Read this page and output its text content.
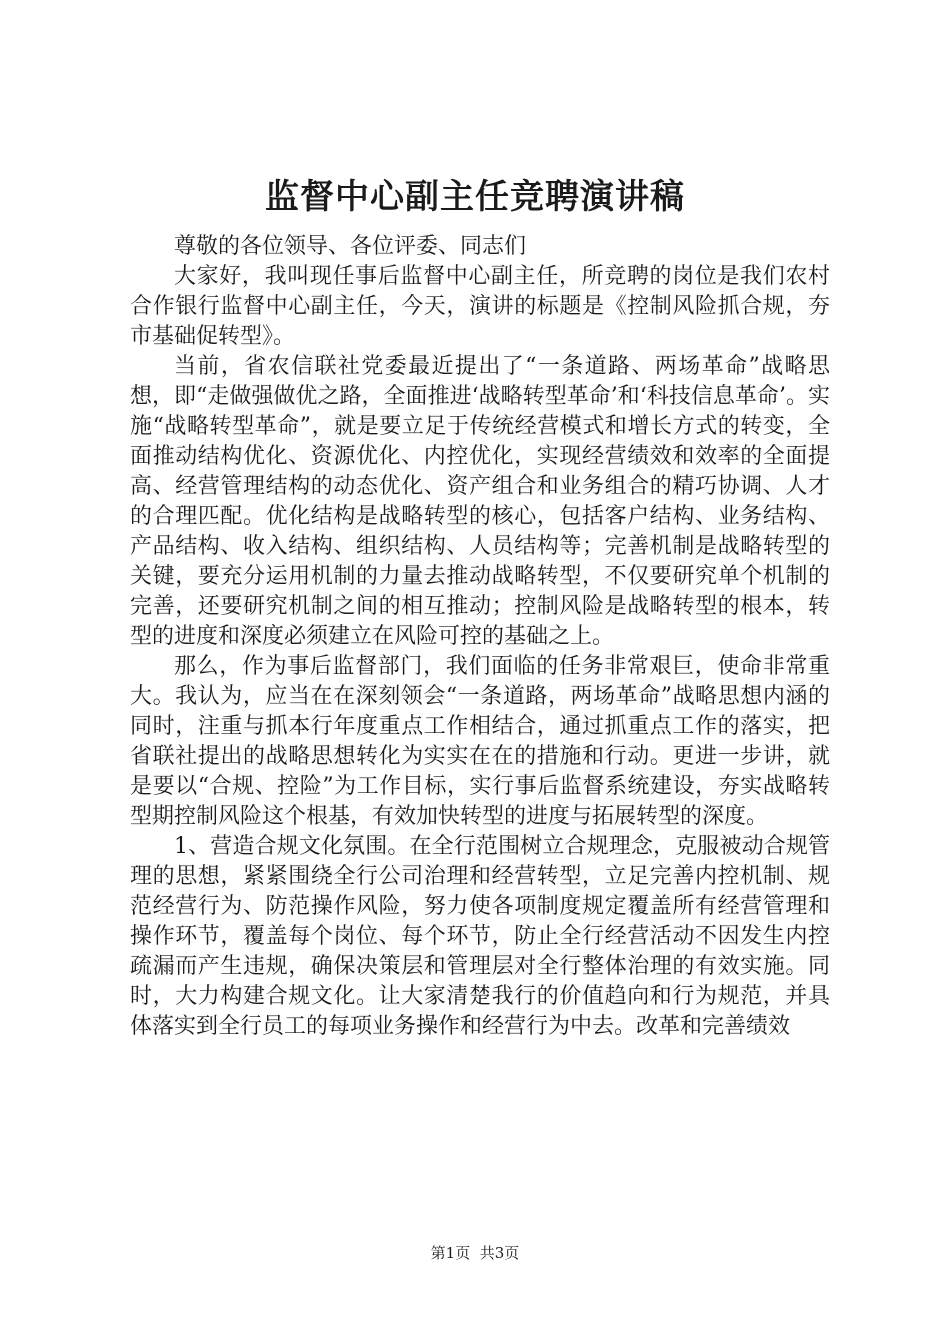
监督中心副主任竞聘演讲稿

尊敬的各位领导、各位评委、同志们

大家好，我叫现任事后监督中心副主任，所竞聘的岗位是我们农村合作银行监督中心副主任，今天，演讲的标题是《控制风险抓合规，夯市基础促转型》。

当前，省农信联社党委最近提出了“一条道路、两场革命”战略思想，即“走做强做优之路，全面推进‘战略转型革命’和‘科技信息革命’。实施“战略转型革命”，就是要立足于传统经营模式和增长方式的转变，全面推动结构优化、资源优化、内控优化，实现经营绩效和效率的全面提高、经营管理结构的动态优化、资产组合和业务组合的精巧协调、人才的合理匹配。优化结构是战略转型的核心，包括客户结构、业务结构、产品结构、收入结构、组织结构、人员结构等；完善机制是战略转型的关键，要充分运用机制的力量去推动战略转型，不仅要研究单个机制的完善，还要研究机制之间的相互推动；控制风险是战略转型的根本，转型的进度和深度必须建立在风险可控的基础之上。

那么，作为事后监督部门，我们面临的任务非常艰巨，使命非常重大。我认为，应当在在深刻领会“一条道路，两场革命”战略思想内涵的同时，注重与抓本行年度重点工作相结合，通过抓重点工作的落实，把省联社提出的战略思想转化为实实在在的措施和行动。更进一步讲，就是要以“合规、控险”为工作目标，实行事后监督系统建设，夯实战略转型期控制风险这个根基，有效加快转型的进度与拓展转型的深度。

1、营造合规文化氛围。在全行范围树立合规理念，克服被动合规管理的思想，紧紧围绕全行公司治理和经营转型，立足完善内控机制、规范经营行为、防范操作风险，努力使各项制度规定覆盖所有经营管理和操作环节，覆盖每个岗位、每个环节，防止全行经营活动不因发生内控疏漏而产生违规，确保决策层和管理层对全行整体治理的有效实施。同时，大力构建合规文化。让大家清楚我行的价值趋向和行为规范，并具体落实到全行员工的每项业务操作和经营行为中去。改革和完善绩效

第1页 共3页
